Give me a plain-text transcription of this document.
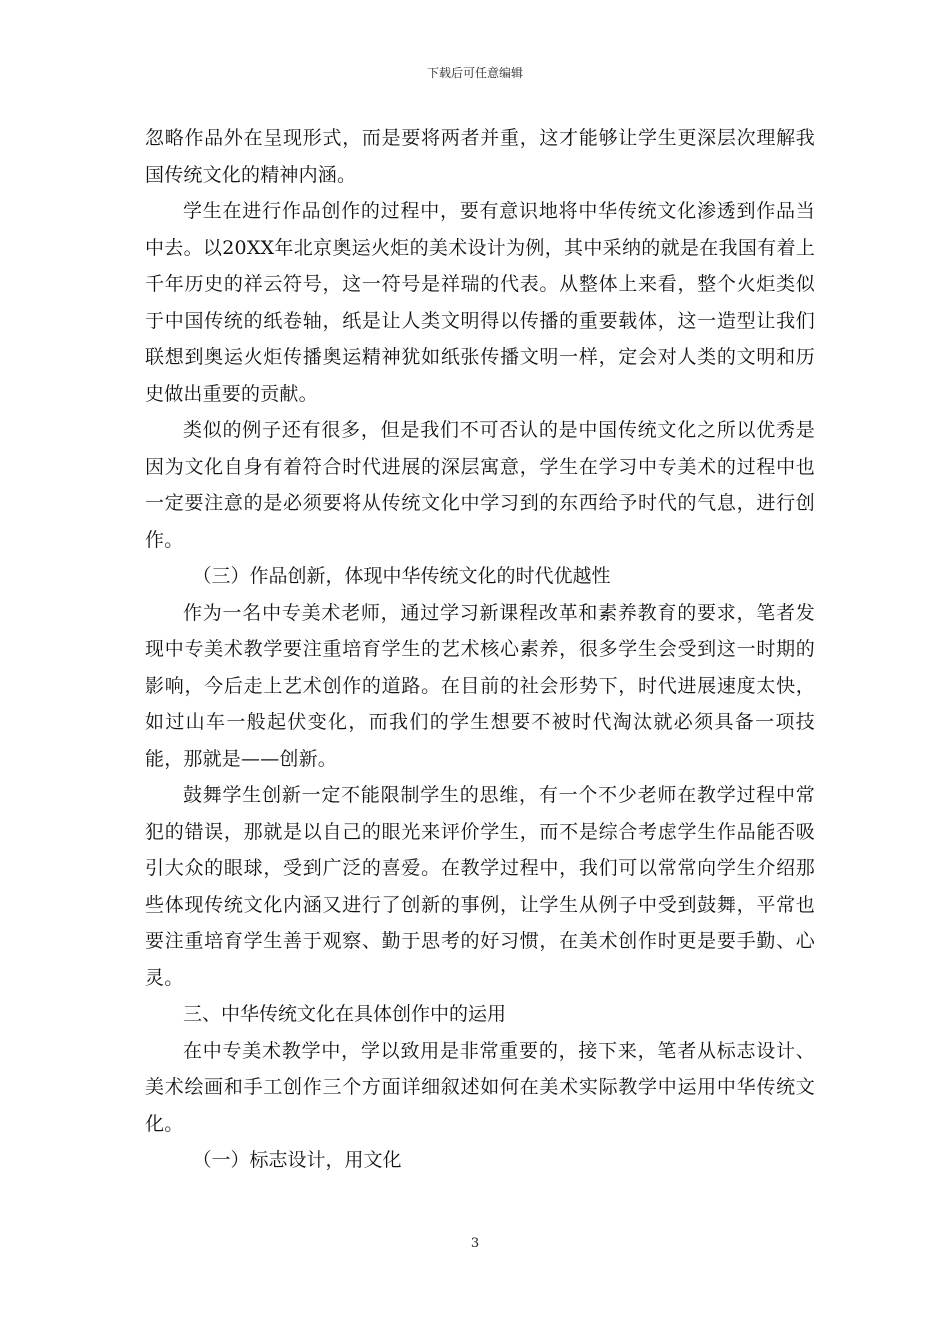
下载后可任意编辑

忽略作品外在呈现形式，而是要将两者并重，这才能够让学生更深层次理解我国传统文化的精神内涵。

学生在进行作品创作的过程中，要有意识地将中华传统文化渗透到作品当中去。以20XX年北京奥运火炬的美术设计为例，其中采纳的就是在我国有着上千年历史的祥云符号，这一符号是祥瑞的代表。从整体上来看，整个火炬类似于中国传统的纸卷轴，纸是让人类文明得以传播的重要载体，这一造型让我们联想到奥运火炬传播奥运精神犹如纸张传播文明一样，定会对人类的文明和历史做出重要的贡献。

类似的例子还有很多，但是我们不可否认的是中国传统文化之所以优秀是因为文化自身有着符合时代进展的深层寓意，学生在学习中专美术的过程中也一定要注意的是必须要将从传统文化中学习到的东西给予时代的气息，进行创作。

（三）作品创新，体现中华传统文化的时代优越性

作为一名中专美术老师，通过学习新课程改革和素养教育的要求，笔者发现中专美术教学要注重培育学生的艺术核心素养，很多学生会受到这一时期的影响，今后走上艺术创作的道路。在目前的社会形势下，时代进展速度太快，如过山车一般起伏变化，而我们的学生想要不被时代淘汰就必须具备一项技能，那就是——创新。

鼓舞学生创新一定不能限制学生的思维，有一个不少老师在教学过程中常犯的错误，那就是以自己的眼光来评价学生，而不是综合考虑学生作品能否吸引大众的眼球，受到广泛的喜爱。在教学过程中，我们可以常常向学生介绍那些体现传统文化内涵又进行了创新的事例，让学生从例子中受到鼓舞，平常也要注重培育学生善于观察、勤于思考的好习惯，在美术创作时更是要手勤、心灵。

三、中华传统文化在具体创作中的运用

在中专美术教学中，学以致用是非常重要的，接下来，笔者从标志设计、美术绘画和手工创作三个方面详细叙述如何在美术实际教学中运用中华传统文化。

（一）标志设计，用文化

3
